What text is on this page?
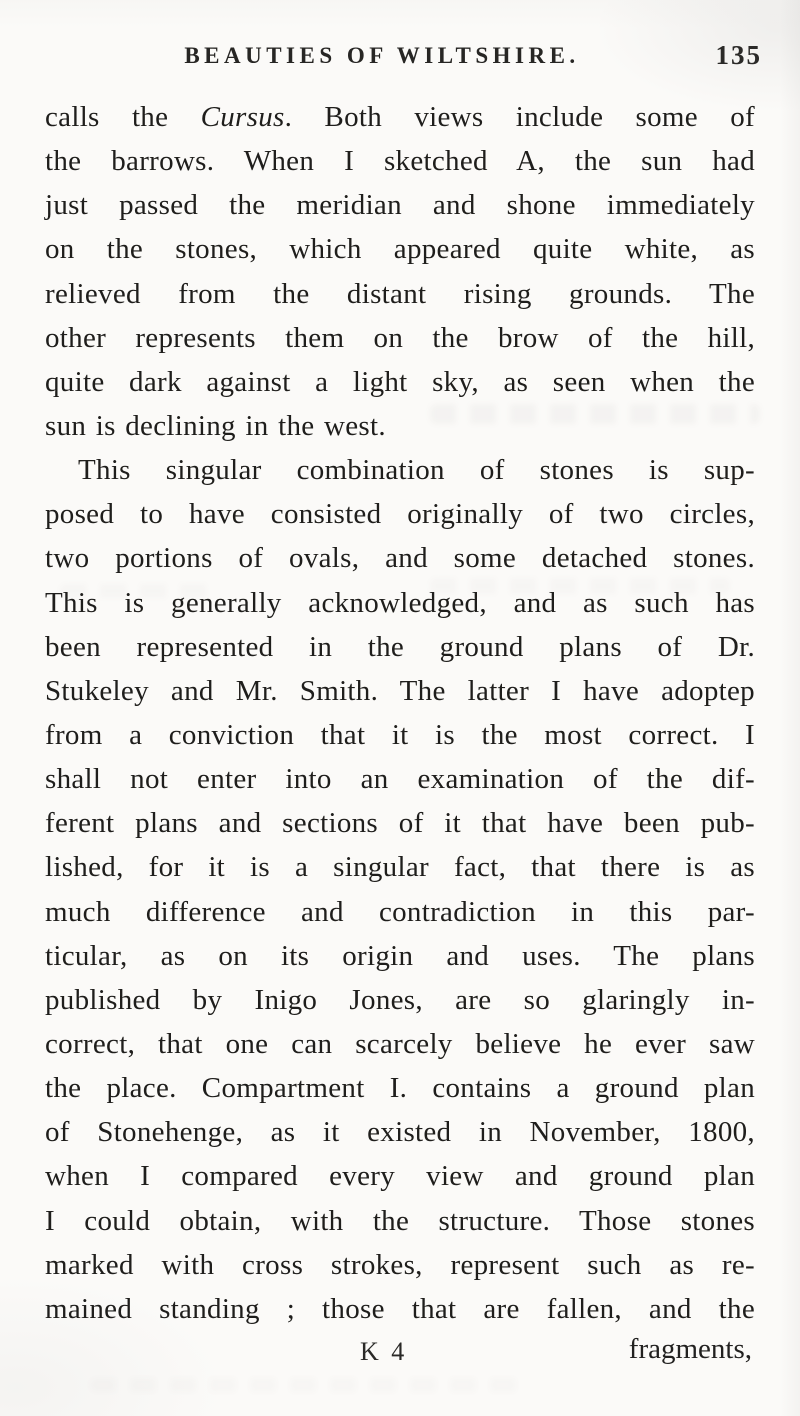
BEAUTIES OF WILTSHIRE.	135
calls the Cursus. Both views include some of
the barrows. When I sketched A, the sun had
just passed the meridian and shone immediately
on the stones, which appeared quite white, as
relieved from the distant rising grounds. The
other represents them on the brow of the hill,
quite dark against a light sky, as seen when the
sun is declining in the west.
This singular combination of stones is sup-
posed to have consisted originally of two circles,
two portions of ovals, and some detached stones.
This is generally acknowledged, and as such has
been represented in the ground plans of Dr.
Stukeley and Mr. Smith. The latter I have adoptep
from a conviction that it is the most correct. I
shall not enter into an examination of the dif-
ferent plans and sections of it that have been pub-
lished, for it is a singular fact, that there is as
much difference and contradiction in this par-
ticular, as on its origin and uses. The plans
published by Inigo Jones, are so glaringly in-
correct, that one can scarcely believe he ever saw
the place. Compartment I. contains a ground plan
of Stonehenge, as it existed in November, 1800,
when I compared every view and ground plan
I could obtain, with the structure. Those stones
marked with cross strokes, represent such as re-
mained standing ; those that are fallen, and the
K 4	fragments,
